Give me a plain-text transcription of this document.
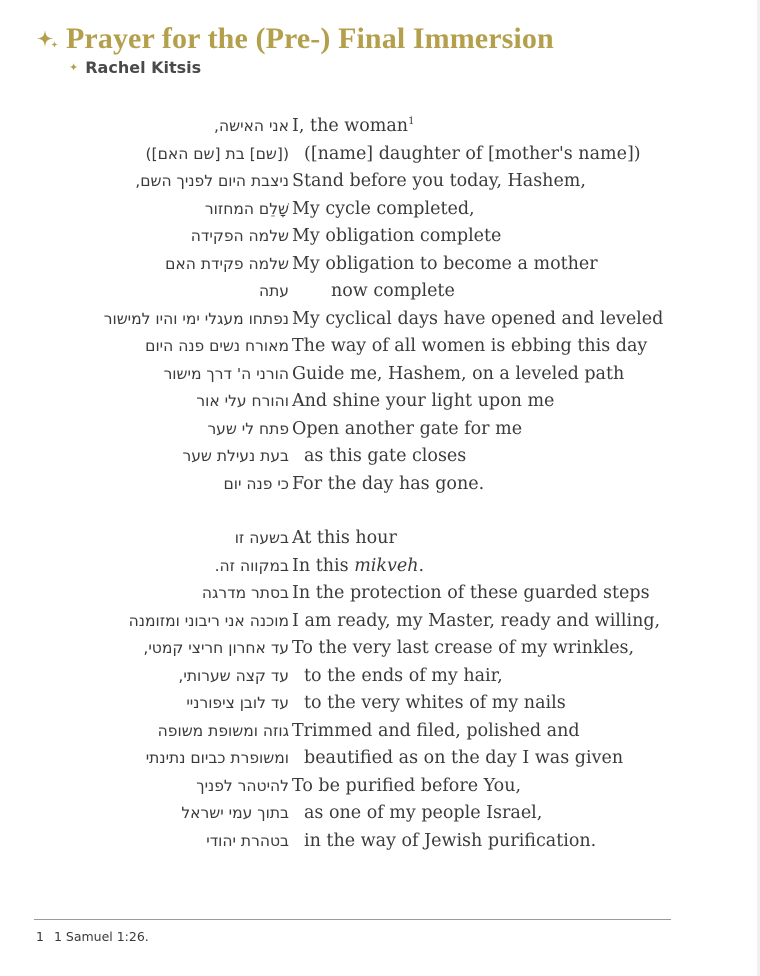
Prayer for the (Pre-) Final Immersion
✦ Rachel Kitsis
אני האישה, I, the woman$^1$
([שם] בת [שם האם]) ([name] daughter of [mother's name])
ניצבת היום לפניך השם, Stand before you today, Hashem,
שָׁלֵם המחזור My cycle completed,
שלמה הפקידה My obligation complete
שלמה פקידת האם My obligation to become a mother
עתה now complete
נפתחו מעגלי ימי והיו למישור My cyclical days have opened and leveled
מאורח נשים פנה היום The way of all women is ebbing this day
הורני ה' דרך מישור Guide me, Hashem, on a leveled path
והורח עלי אור And shine your light upon me
פתח לי שער Open another gate for me
בעת נעילת שער as this gate closes
כי פנה יום For the day has gone.
בשעה זו At this hour
במקווה זה. In this mikveh.
בסתר מדרגה In the protection of these guarded steps
מוכנה אני ריבוני ומזומנה I am ready, my Master, ready and willing,
עד אחרון חריצי קמטי, To the very last crease of my wrinkles,
עד קצה שערותי, to the ends of my hair,
עד לובן ציפורניי to the very whites of my nails
גוזה ומשופת משופה Trimmed and filed, polished and
ומשופרת כביום נתינתי beautified as on the day I was given
להיטהר לפניך To be purified before You,
בתוך עמי ישראל as one of my people Israel,
בטהרת יהודי in the way of Jewish purification.
1 1 Samuel 1:26.
